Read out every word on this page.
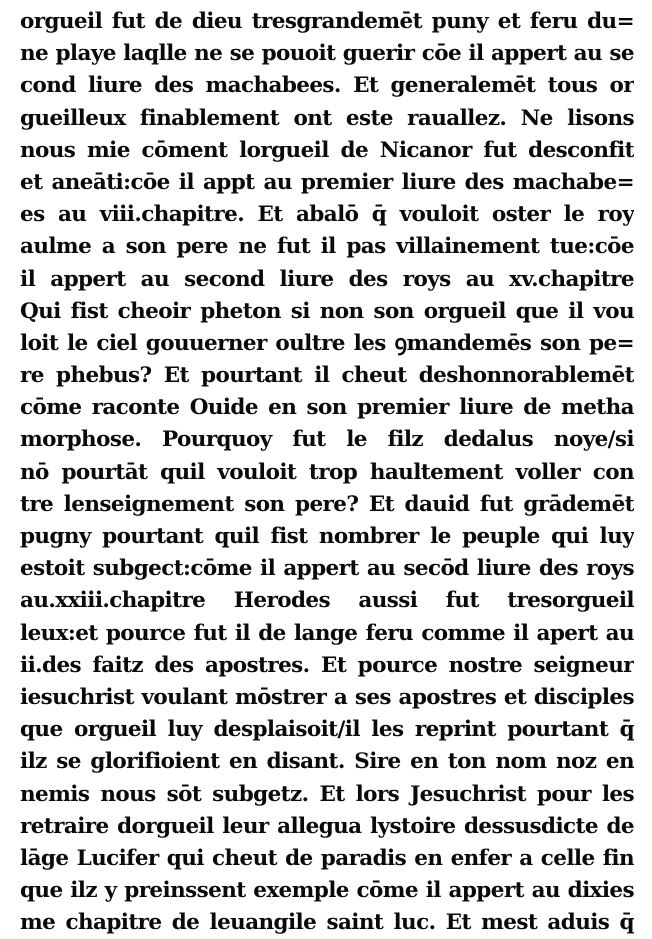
orgueil fut de dieu tresgrandemēt puny et feru du=
ne playe laqlle ne se pouoit guerir cōe il appert au se
cond liure des machabees. Et generalemēt tous or
gueilleux finablement ont este rauallez. Ne lisons
nous mie cōment lorgueil de Nicanor fut desconfit
et aneāti:cōe il appt au premier liure des machabe=
es au viii.chapitre. Et abalō q̄ vouloit oster le roy
aulme a son pere ne fut il pas villainement tue:cōe
il appert au second liure des roys au xv.chapitre
Qui fist cheoir pheton si non son orgueil que il vou
loit le ciel gouuerner oultre les ꝯmandemēs son pe=
re phebus? Et pourtant il cheut deshonnorablemēt
cōme raconte Ouide en son premier liure de metha
morphose. Pourquoy fut le filz dedalus noye/si
nō pourtāt quil vouloit trop haultement voller con
tre lenseignement son pere? Et dauid fut grādemēt
pugny pourtant quil fist nombrer le peuple qui luy
estoit subgect:cōme il appert au secōd liure des roys
au.xxiii.chapitre Herodes aussi fut tresorgueil
leux:et pource fut il de lange feru comme il apert au
ii.des faitz des apostres. Et pource nostre seigneur
iesuchrist voulant mōstrer a ses apostres et disciples
que orgueil luy desplaisoit/il les reprint pourtant q̄
ilz se glorifioient en disant. Sire en ton nom noz en
nemis nous sōt subgetz. Et lors Jesuchrist pour les
retraire dorgueil leur allegua lystoire dessusdicte de
lāge Lucifer qui cheut de paradis en enfer a celle fin
que ilz y preinssent exemple cōme il appert au dixies
me chapitre de leuangile saint luc. Et mest aduis q̄
